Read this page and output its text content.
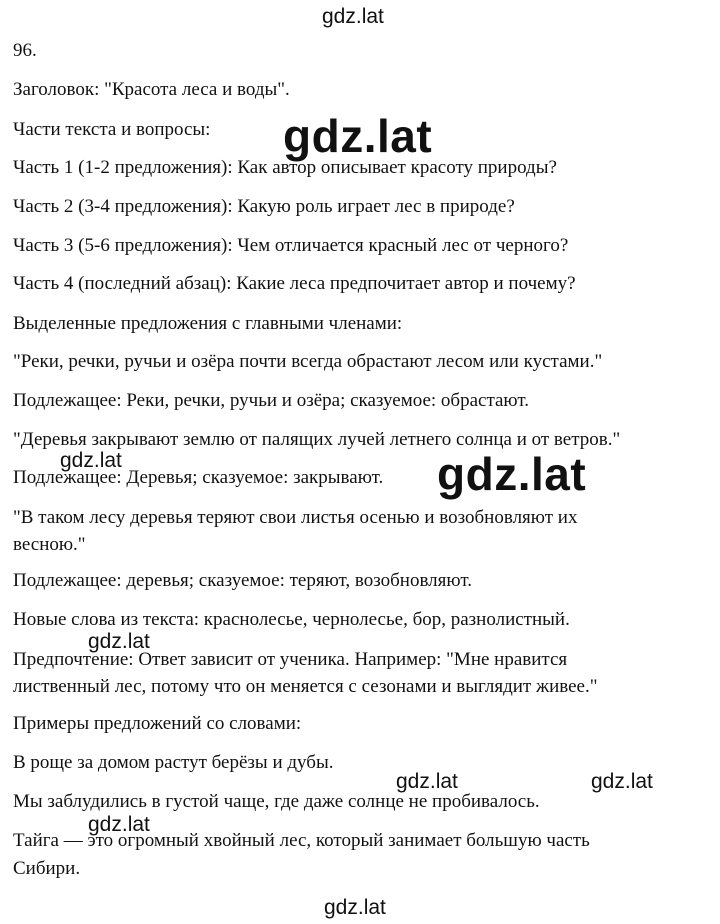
96.

Заголовок: "Красота леса и воды".

Части текста и вопросы:

Часть 1 (1-2 предложения): Как автор описывает красоту природы?

Часть 2 (3-4 предложения): Какую роль играет лес в природе?

Часть 3 (5-6 предложения): Чем отличается красный лес от черного?

Часть 4 (последний абзац): Какие леса предпочитает автор и почему?

Выделенные предложения с главными членами:

"Реки, речки, ручьи и озёра почти всегда обрастают лесом или кустами."

Подлежащее: Реки, речки, ручьи и озёра; сказуемое: обрастают.

"Деревья закрывают землю от палящих лучей летнего солнца и от ветров."

Подлежащее: Деревья; сказуемое: закрывают.

"В таком лесу деревья теряют свои листья осенью и возобновляют их

весною."

Подлежащее: деревья; сказуемое: теряют, возобновляют.

Новые слова из текста: краснолесье, чернолесье, бор, разнолистный.

Предпочтение: Ответ зависит от ученика. Например: "Мне нравится

лиственный лес, потому что он меняется с сезонами и выглядит живее."

Примеры предложений со словами:

В роще за домом растут берёзы и дубы.

Мы заблудились в густой чаще, где даже солнце не пробивалось.

Тайга — это огромный хвойный лес, который занимает большую часть

Сибири.

gdz.lat
gdz.lat
gdz.lat	gdz.lat
gdz.lat
gdz.lat	gdz.lat
gdz.lat
gdz.lat
